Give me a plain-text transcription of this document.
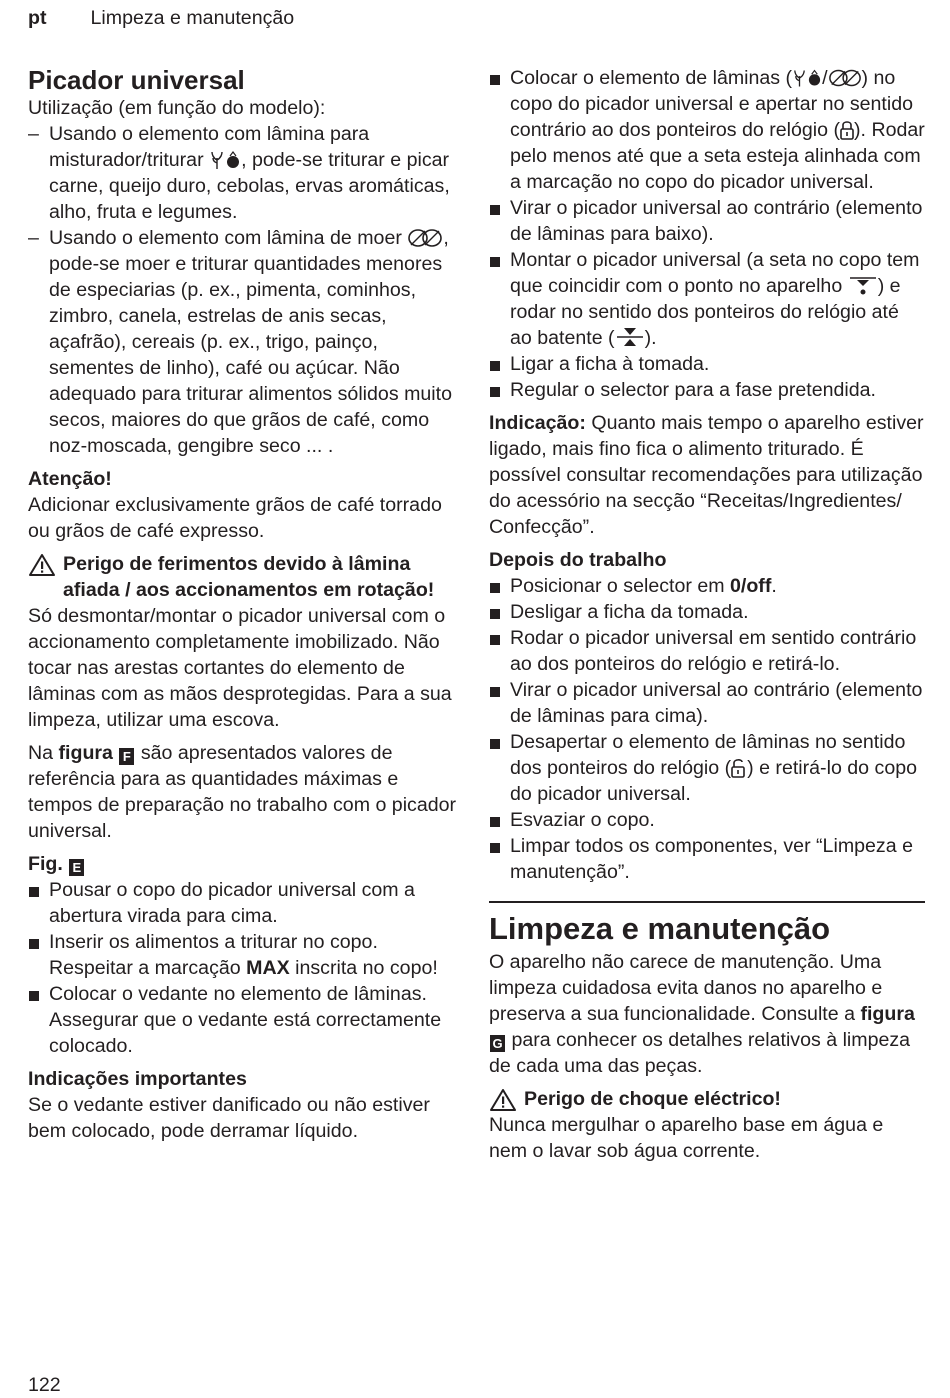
pt Limpeza e manutenção
Picador universal

Utilização (em função do modelo):

– Usando o elemento com lâmina para misturador/triturar , pode-se triturar e picar carne, queijo duro, cebolas, ervas aromáticas, alho, fruta e legumes.
– Usando o elemento com lâmina de moer , pode-se moer e triturar quantidades menores de especiarias (p. ex., pimenta, cominhos, zimbro, canela, estrelas de anis secas, açafrão), cereais (p. ex., trigo, painço, sementes de linho), café ou açúcar. Não adequado para triturar alimentos sólidos muito secos, maiores do que grãos de café, como noz-moscada, gengibre seco ... .

Atenção!

Adicionar exclusivamente grãos de café torrado ou grãos de café expresso.

Perigo de ferimentos devido à lâmina afiada / aos accionamentos em rotação!

Só desmontar/montar o picador universal com o accionamento completamente imobilizado. Não tocar nas arestas cortantes do elemento de lâminas com as mãos desprotegidas. Para a sua limpeza, utilizar uma escova.

Na figura F são apresentados valores de referência para as quantidades máximas e tempos de preparação no trabalho com o picador universal.

Fig. E

Pousar o copo do picador universal com a abertura virada para cima.
Inserir os alimentos a triturar no copo. Respeitar a marcação MAX inscrita no copo!
Colocar o vedante no elemento de lâminas. Assegurar que o vedante está correctamente colocado.

Indicações importantes

Se o vedante estiver danificado ou não estiver bem colocado, pode derramar líquido.

Colocar o elemento de lâminas ( / ) no copo do picador universal e apertar no sentido contrário ao dos ponteiros do relógio ( ). Rodar pelo menos até que a seta esteja alinhada com a marcação no copo do picador universal.
Virar o picador universal ao contrário (elemento de lâminas para baixo).
Montar o picador universal (a seta no copo tem que coincidir com o ponto no aparelho ) e rodar no sentido dos ponteiros do relógio até ao batente ( ).
Ligar a ficha à tomada.
Regular o selector para a fase pretendida.

Indicação: Quanto mais tempo o aparelho estiver ligado, mais fino fica o alimento triturado. É possível consultar recomendações para utilização do acessório na secção “Receitas/Ingredientes/ Confecção”.

Depois do trabalho

Posicionar o selector em 0/off.
Desligar a ficha da tomada.
Rodar o picador universal em sentido contrário ao dos ponteiros do relógio e retirá-lo.
Virar o picador universal ao contrário (elemento de lâminas para cima).
Desapertar o elemento de lâminas no sentido dos ponteiros do relógio ( ) e retirá-lo do copo do picador universal.
Esvaziar o copo.
Limpar todos os componentes, ver “Limpeza e manutenção”.
Limpeza e manutenção

O aparelho não carece de manutenção. Uma limpeza cuidadosa evita danos no aparelho e preserva a sua funcionalidade. Consulte a figura G para conhecer os detalhes relativos à limpeza de cada uma das peças.

Perigo de choque eléctrico!

Nunca mergulhar o aparelho base em água e nem o lavar sob água corrente.

122
